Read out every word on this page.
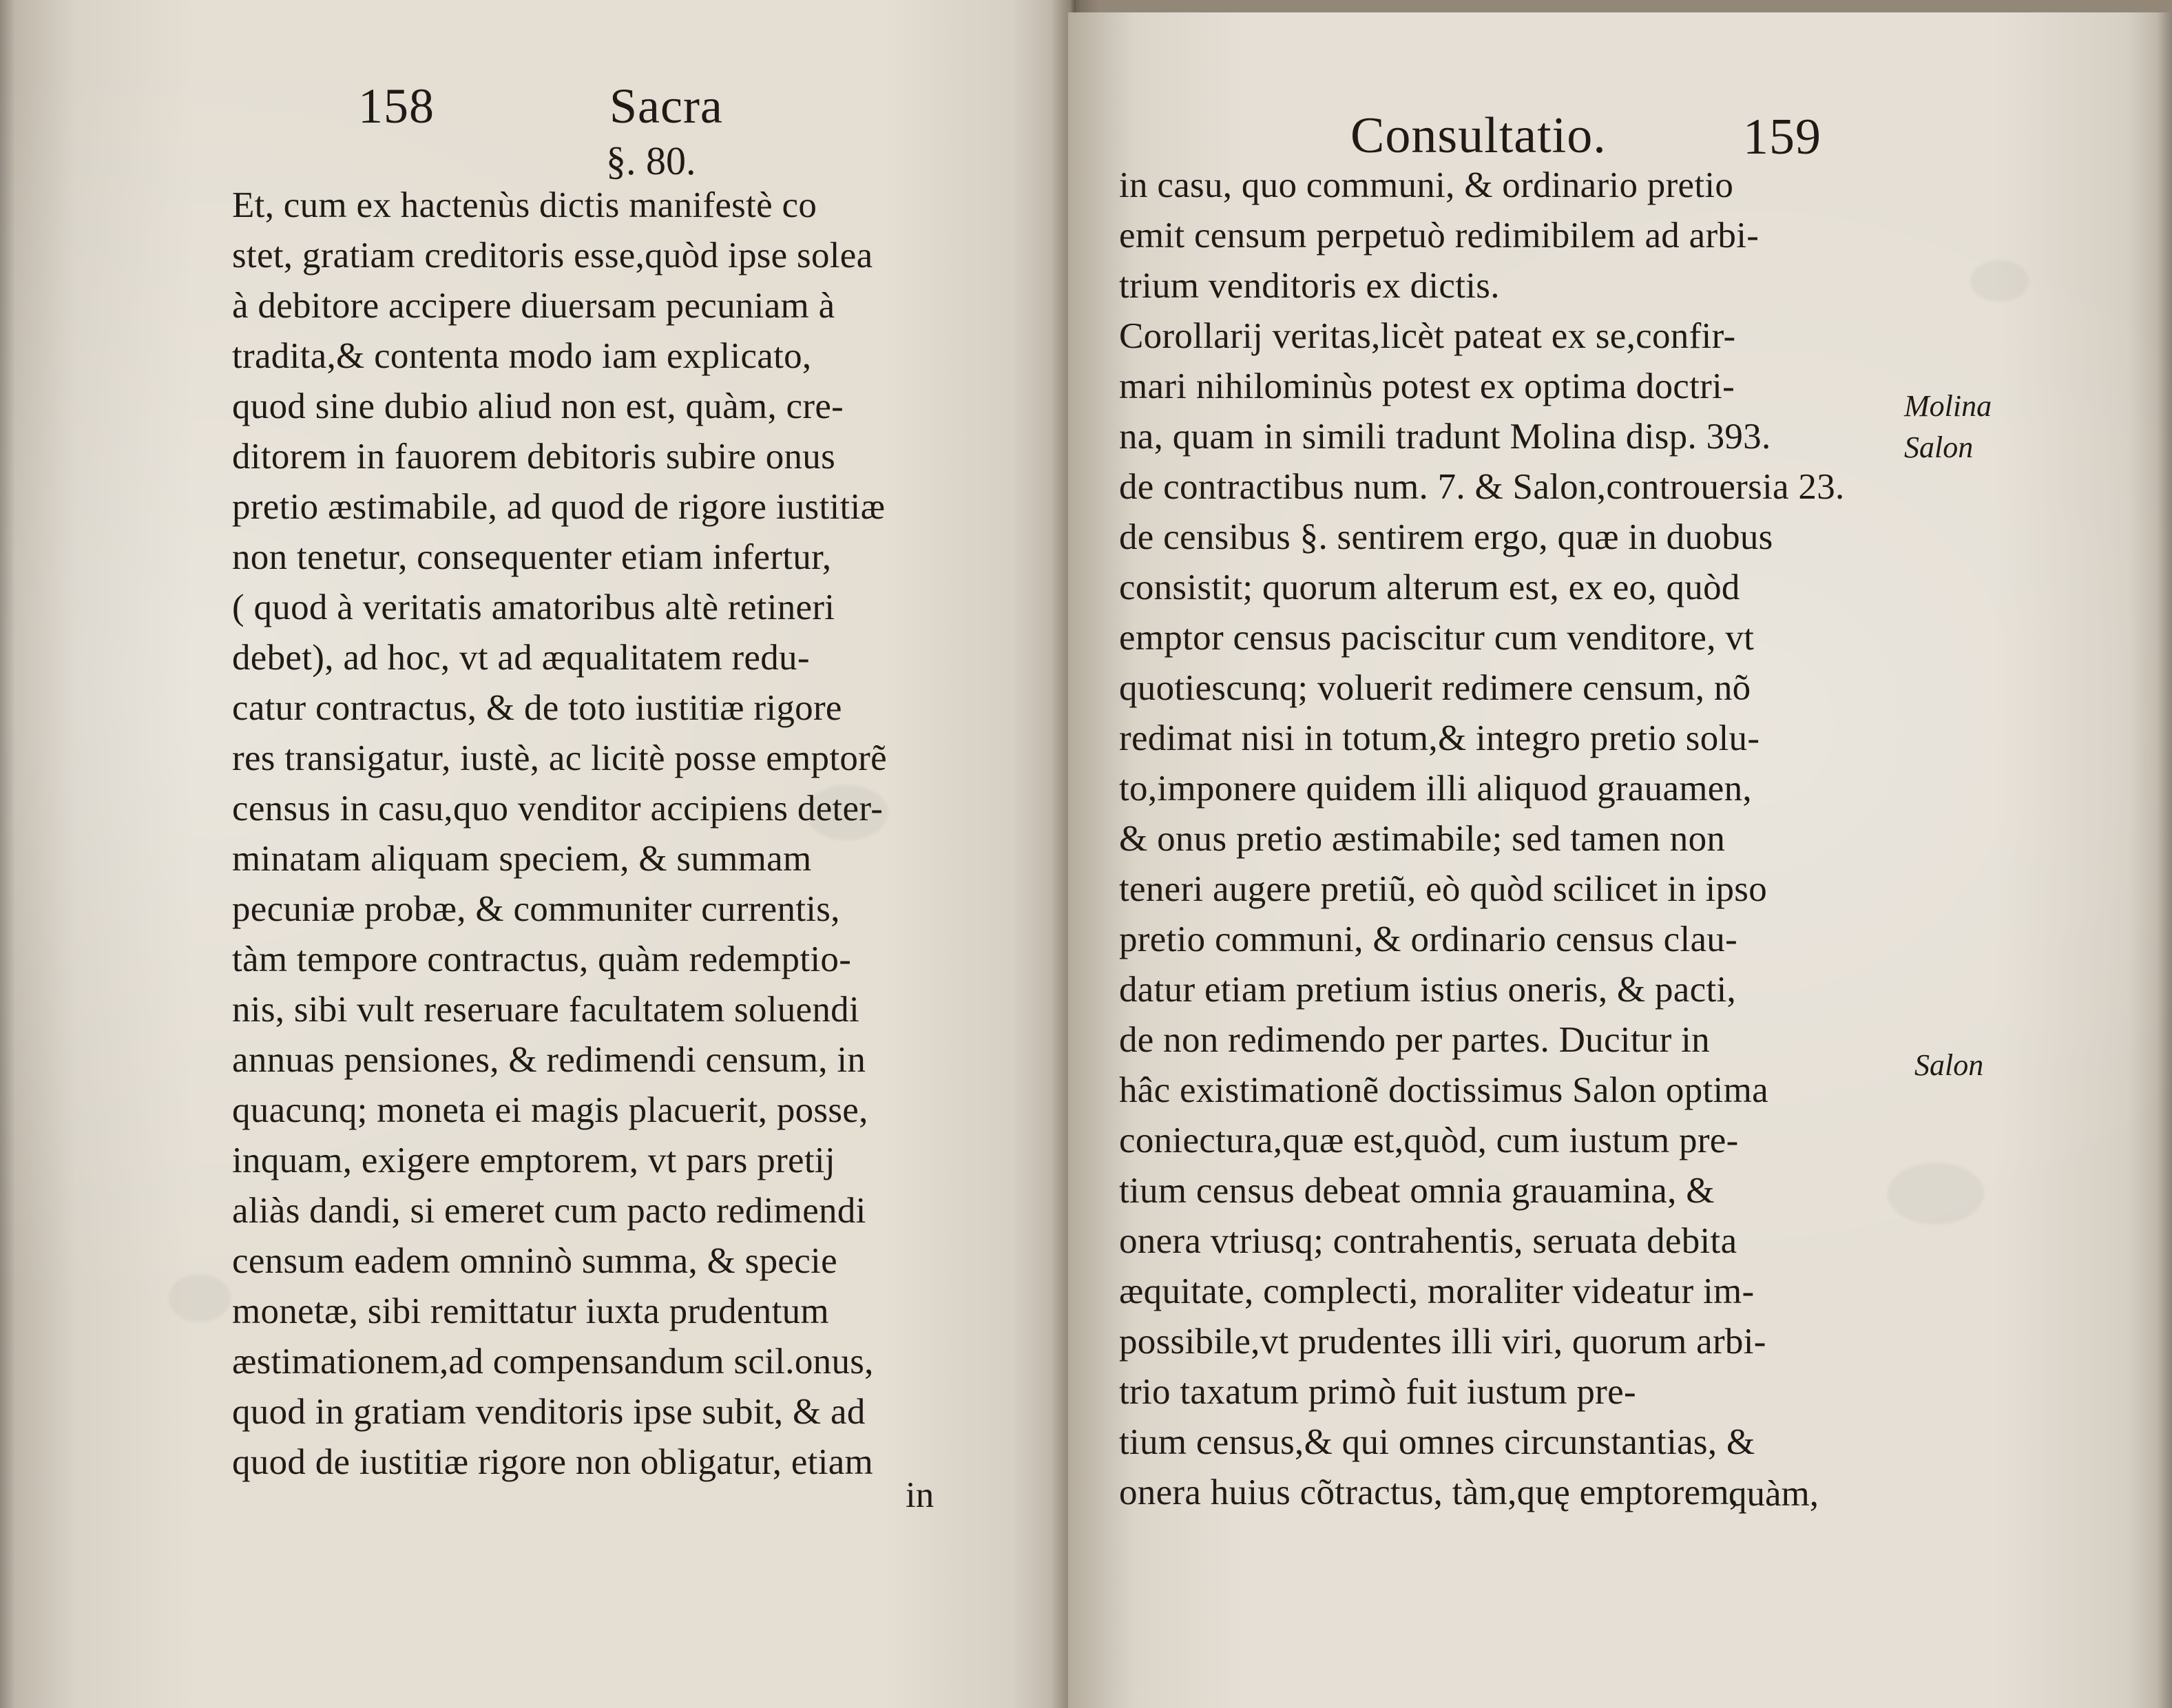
158	Sacra
§. 80.
Et, cum ex hactenùs dictis manifestè co
stet, gratiam creditoris esse,quòd ipse solea
à debitore accipere diuersam pecuniam à
tradita,& contenta modo iam explicato,
quod sine dubio aliud non est, quàm, cre-
ditorem in fauorem debitoris subire onus
pretio æstimabile, ad quod de rigore iustitiæ
non tenetur, consequenter etiam infertur,
( quod à veritatis amatoribus altè retineri
debet), ad hoc, vt ad æqualitatem redu-
catur contractus, & de toto iustitiæ rigore
res transigatur, iustè, ac licitè posse emptorẽ
census in casu,quo venditor accipiens deter-
minatam aliquam speciem, & summam
pecuniæ probæ, & communiter currentis,
tàm tempore contractus, quàm redemptio-
nis, sibi vult reseruare facultatem soluendi
annuas pensiones, & redimendi censum, in
quacunq; moneta ei magis placuerit, posse,
inquam, exigere emptorem, vt pars pretij
aliàs dandi, si emeret cum pacto redimendi
censum eadem omninò summa, & specie
monetæ, sibi remittatur iuxta prudentum
æstimationem,ad compensandum scil.onus,
quod in gratiam venditoris ipse subit, & ad
quod de iustitiæ rigore non obligatur, etiam
in
Consultatio.	159
in casu, quo communi, & ordinario pretio
emit censum perpetuò redimibilem ad arbi-
trium venditoris ex dictis.
Corollarij veritas,licèt pateat ex se,confir-
mari nihilominùs potest ex optima doctri-
na, quam in simili tradunt Molina disp. 393.
de contractibus num. 7. & Salon,controuersia 23.
de censibus §. sentirem ergo, quæ in duobus
consistit; quorum alterum est, ex eo, quòd
emptor census paciscitur cum venditore, vt
quotiescunq; voluerit redimere censum, nõ
redimat nisi in totum,& integro pretio solu-
to,imponere quidem illi aliquod grauamen,
& onus pretio æstimabile; sed tamen non
teneri augere pretiũ, eò quòd scilicet in ipso
pretio communi, & ordinario census clau-
datur etiam pretium istius oneris, & pacti,
de non redimendo per partes. Ducitur in
hâc existimationẽ doctissimus Salon optima
coniectura,quæ est,quòd, cum iustum pre-
tium census debeat omnia grauamina, &
onera vtriusq; contrahentis, seruata debita
æquitate, complecti, moraliter videatur im-
possibile,vt prudentes illi viri, quorum arbi-
trio taxatum primò fuit iustum pre-
tium census,& qui omnes circunstantias, &
onera huius cõtractus, tàm,quę emptorem,
Molina
Salon
Salon
quàm,
